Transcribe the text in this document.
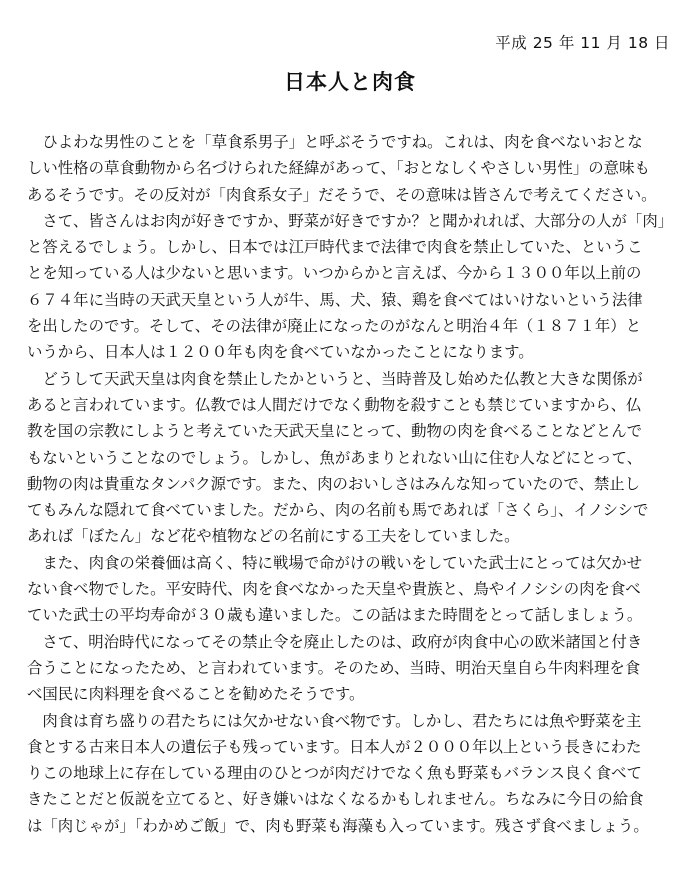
平成 25 年 11 月 18 日
日本人と肉食
　ひよわな男性のことを「草食系男子」と呼ぶそうですね。これは、肉を食べないおとな
しい性格の草食動物から名づけられた経緯があって、「おとなしくやさしい男性」の意味も
あるそうです。その反対が「肉食系女子」だそうで、その意味は皆さんで考えてください。
　さて、皆さんはお肉が好きですか、野菜が好きですか？と聞かれれば、大部分の人が「肉」
と答えるでしょう。しかし、日本では江戸時代まで法律で肉食を禁止していた、というこ
とを知っている人は少ないと思います。いつからかと言えば、今から１３００年以上前の
６７４年に当時の天武天皇という人が牛、馬、犬、猿、鶏を食べてはいけないという法律
を出したのです。そして、その法律が廃止になったのがなんと明治４年（１８７１年）と
いうから、日本人は１２００年も肉を食べていなかったことになります。
　どうして天武天皇は肉食を禁止したかというと、当時普及し始めた仏教と大きな関係が
あると言われています。仏教では人間だけでなく動物を殺すことも禁じていますから、仏
教を国の宗教にしようと考えていた天武天皇にとって、動物の肉を食べることなどとんで
もないということなのでしょう。しかし、魚があまりとれない山に住む人などにとって、
動物の肉は貴重なタンパク源です。また、肉のおいしさはみんな知っていたので、禁止し
てもみんな隠れて食べていました。だから、肉の名前も馬であれば「さくら」、イノシシで
あれば「ぼたん」など花や植物などの名前にする工夫をしていました。
　また、肉食の栄養価は高く、特に戦場で命がけの戦いをしていた武士にとっては欠かせ
ない食べ物でした。平安時代、肉を食べなかった天皇や貴族と、鳥やイノシシの肉を食べ
ていた武士の平均寿命が３０歳も違いました。この話はまた時間をとって話しましょう。
　さて、明治時代になってその禁止令を廃止したのは、政府が肉食中心の欧米諸国と付き
合うことになったため、と言われています。そのため、当時、明治天皇自ら牛肉料理を食
べ国民に肉料理を食べることを勧めたそうです。
　肉食は育ち盛りの君たちには欠かせない食べ物です。しかし、君たちには魚や野菜を主
食とする古来日本人の遺伝子も残っています。日本人が２０００年以上という長きにわた
りこの地球上に存在している理由のひとつが肉だけでなく魚も野菜もバランス良く食べて
きたことだと仮説を立てると、好き嫌いはなくなるかもしれません。ちなみに今日の給食
は「肉じゃが」「わかめご飯」で、肉も野菜も海藻も入っています。残さず食べましょう。
